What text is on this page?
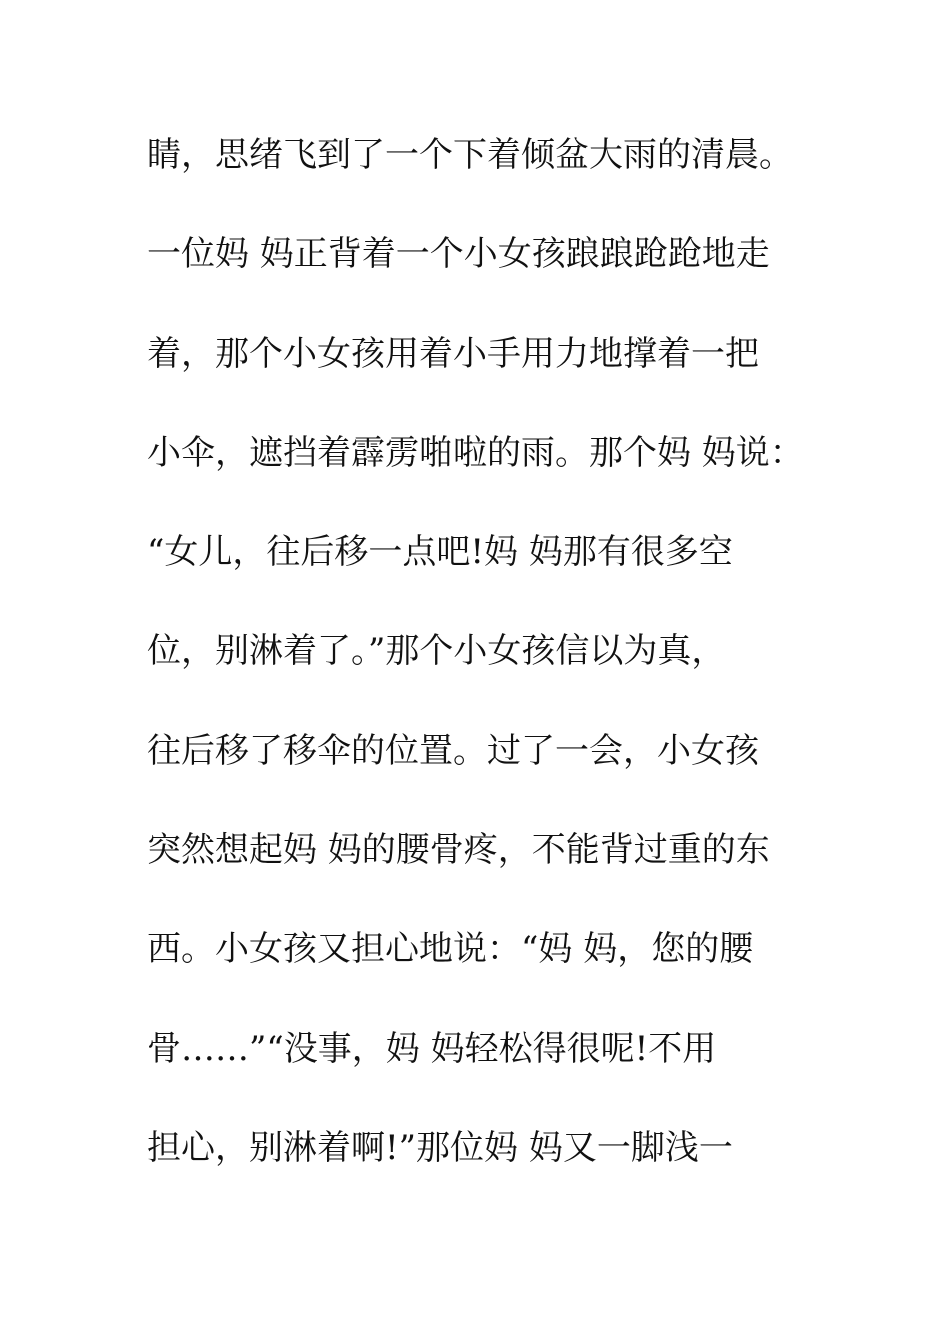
睛，思绪飞到了一个下着倾盆大雨的清晨。
一位妈 妈正背着一个小女孩踉踉跄跄地走
着，那个小女孩用着小手用力地撑着一把
小伞，遮挡着霹雳啪啦的雨。那个妈 妈说：
“女儿，往后移一点吧!妈 妈那有很多空
位，别淋着了。”那个小女孩信以为真，
往后移了移伞的位置。过了一会，小女孩
突然想起妈 妈的腰骨疼，不能背过重的东
西。小女孩又担心地说：“妈 妈，您的腰
骨……”“没事，妈 妈轻松得很呢!不用
担心，别淋着啊!”那位妈 妈又一脚浅一
